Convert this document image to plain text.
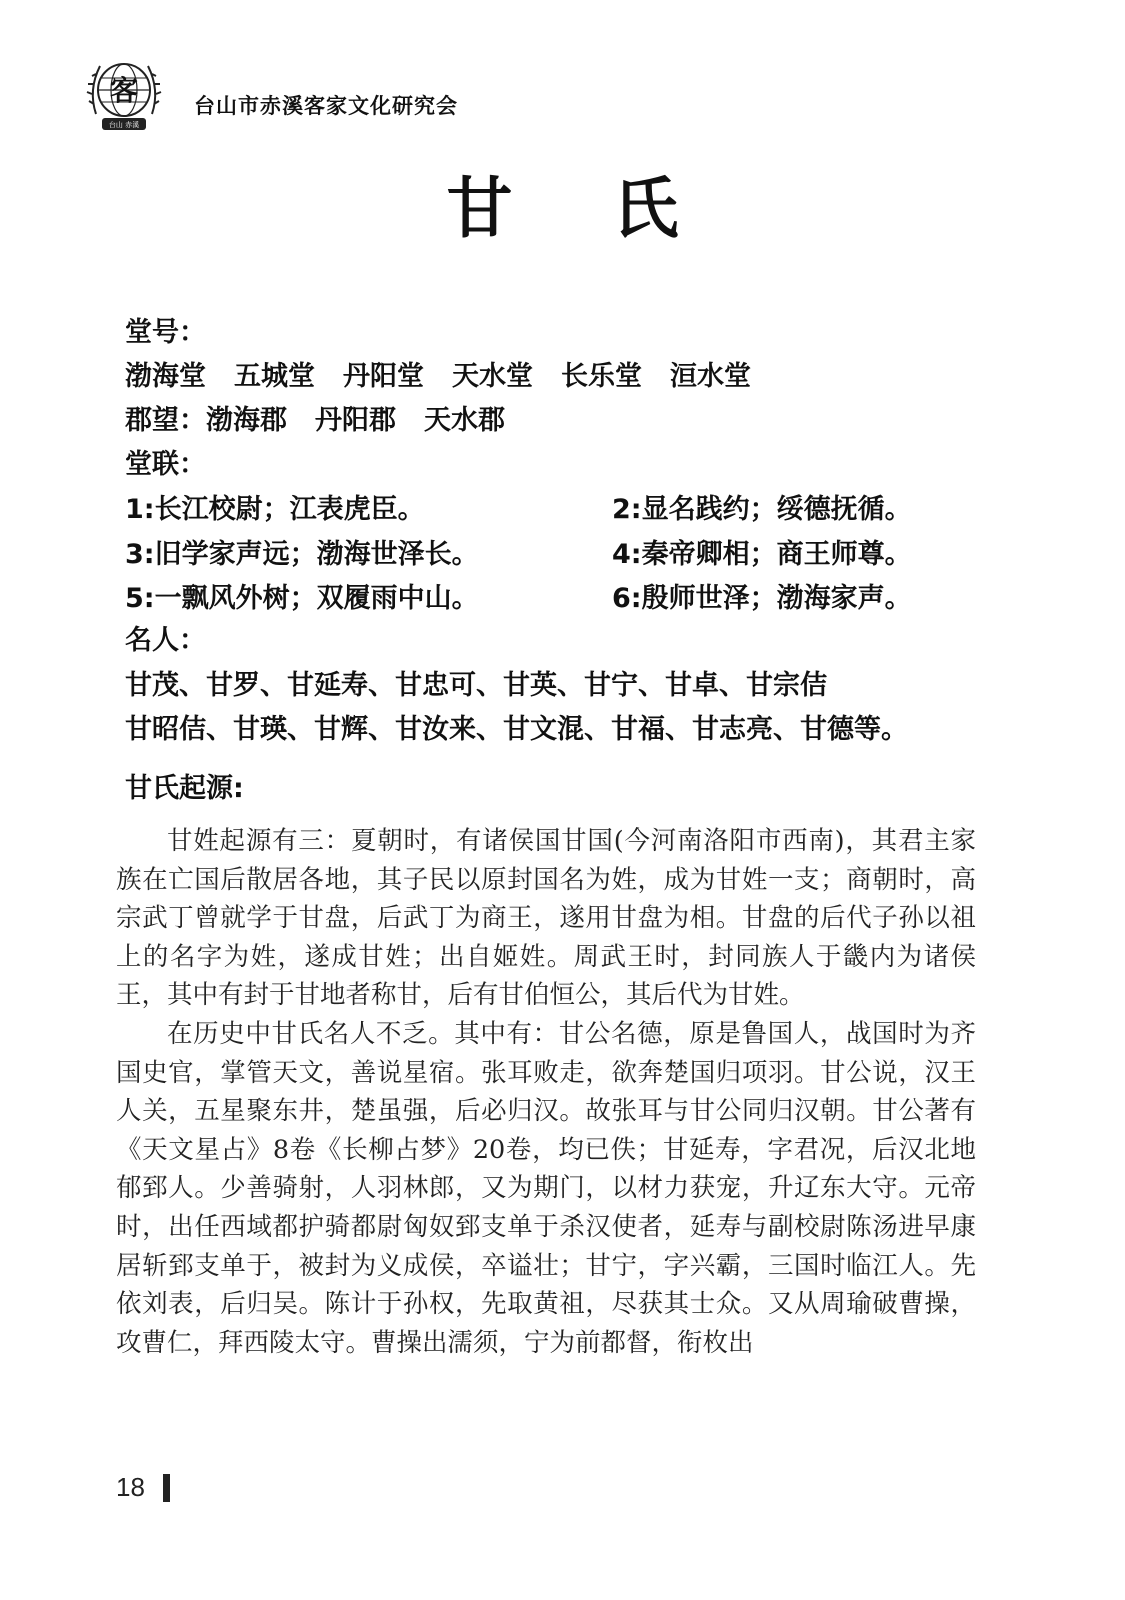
客
台山 赤溪
台山市赤溪客家文化研究会
甘氏
堂号：
渤海堂 五城堂 丹阳堂 天水堂 长乐堂 洹水堂
郡望：渤海郡 丹阳郡 天水郡
堂联：
1:长江校尉；江表虎臣。	2:显名践约；绥德抚循。
3:旧学家声远；渤海世泽长。	4:秦帝卿相；商王师尊。
5:一飘风外树；双履雨中山。	6:殷师世泽；渤海家声。
名人：
甘茂、甘罗、甘延寿、甘忠可、甘英、甘宁、甘卓、甘宗佶
甘昭佶、甘瑛、甘辉、甘汝来、甘文混、甘福、甘志亮、甘德等。
甘氏起源:

甘姓起源有三：夏朝时，有诸侯国甘国(今河南洛阳市西南)，其君主家族在亡国后散居各地，其子民以原封国名为姓，成为甘姓一支；商朝时，高宗武丁曾就学于甘盘，后武丁为商王，遂用甘盘为相。甘盘的后代子孙以祖上的名字为姓，遂成甘姓；出自姬姓。周武王时，封同族人于畿内为诸侯王，其中有封于甘地者称甘，后有甘伯恒公，其后代为甘姓。

在历史中甘氏名人不乏。其中有：甘公名德，原是鲁国人，战国时为齐国史官，掌管天文，善说星宿。张耳败走，欲奔楚国归项羽。甘公说，汉王人关，五星聚东井，楚虽强，后必归汉。故张耳与甘公同归汉朝。甘公著有《天文星占》8卷《长柳占梦》20卷，均已佚；甘延寿，字君况，后汉北地郁郅人。少善骑射，人羽林郎，又为期门，以材力获宠，升辽东大守。元帝时，出任西域都护骑都尉匈奴郅支单于杀汉使者，延寿与副校尉陈汤进早康居斩郅支单于，被封为义成侯，卒谥壮；甘宁，字兴霸，三国时临江人。先依刘表，后归吴。陈计于孙权，先取黄祖，尽获其士众。又从周瑜破曹操，攻曹仁，拜西陵太守。曹操出濡须，宁为前都督，衔枚出

18
